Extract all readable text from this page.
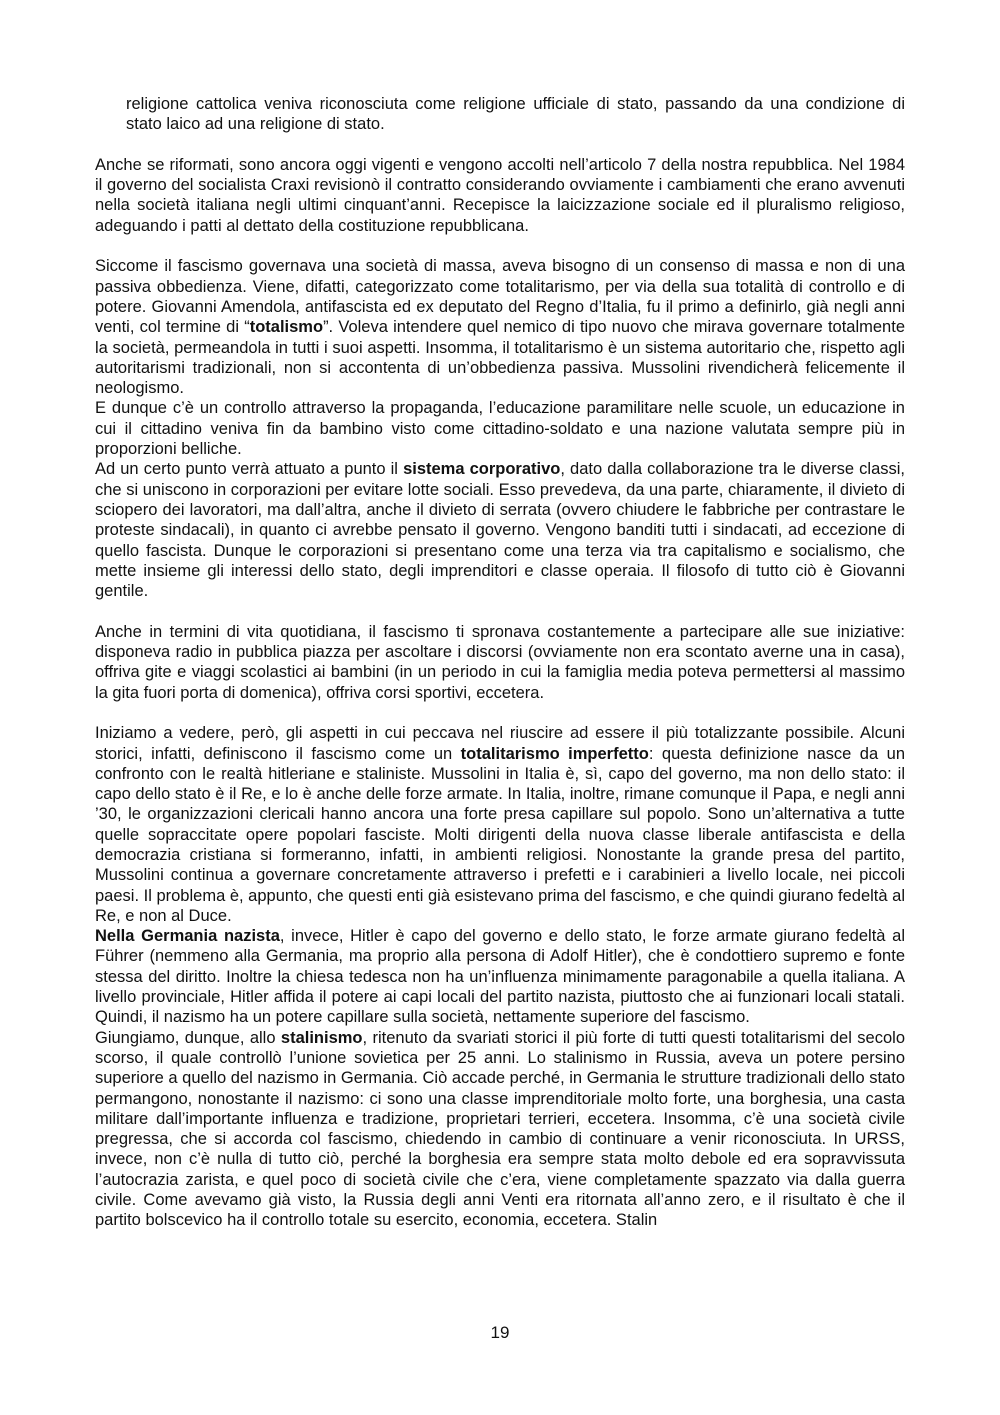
religione cattolica veniva riconosciuta come religione ufficiale di stato, passando da una condizione di stato laico ad una religione di stato.

Anche se riformati, sono ancora oggi vigenti e vengono accolti nell’articolo 7 della nostra repubblica. Nel 1984 il governo del socialista Craxi revisionò il contratto considerando ovviamente i cambiamenti che erano avvenuti nella società italiana negli ultimi cinquant’anni. Recepisce la laicizzazione sociale ed il pluralismo religioso, adeguando i patti al dettato della costituzione repubblicana.

Siccome il fascismo governava una società di massa, aveva bisogno di un consenso di massa e non di una passiva obbedienza. Viene, difatti, categorizzato come totalitarismo, per via della sua totalità di controllo e di potere. Giovanni Amendola, antifascista ed ex deputato del Regno d’Italia, fu il primo a definirlo, già negli anni venti, col termine di “totalismo”. Voleva intendere quel nemico di tipo nuovo che mirava governare totalmente la società, permeandola in tutti i suoi aspetti. Insomma, il totalitarismo è un sistema autoritario che, rispetto agli autoritarismi tradizionali, non si accontenta di un’obbedienza passiva. Mussolini rivendicherà felicemente il neologismo.

E dunque c’è un controllo attraverso la propaganda, l’educazione paramilitare nelle scuole, un educazione in cui il cittadino veniva fin da bambino visto come cittadino-soldato e una nazione valutata sempre più in proporzioni belliche.

Ad un certo punto verrà attuato a punto il sistema corporativo, dato dalla collaborazione tra le diverse classi, che si uniscono in corporazioni per evitare lotte sociali. Esso prevedeva, da una parte, chiaramente, il divieto di sciopero dei lavoratori, ma dall’altra, anche il divieto di serrata (ovvero chiudere le fabbriche per contrastare le proteste sindacali), in quanto ci avrebbe pensato il governo. Vengono banditi tutti i sindacati, ad eccezione di quello fascista. Dunque le corporazioni si presentano come una terza via tra capitalismo e socialismo, che mette insieme gli interessi dello stato, degli imprenditori e classe operaia. Il filosofo di tutto ciò è Giovanni gentile.

Anche in termini di vita quotidiana, il fascismo ti spronava costantemente a partecipare alle sue iniziative: disponeva radio in pubblica piazza per ascoltare i discorsi (ovviamente non era scontato averne una in casa), offriva gite e viaggi scolastici ai bambini (in un periodo in cui la famiglia media poteva permettersi al massimo la gita fuori porta di domenica), offriva corsi sportivi, eccetera.

Iniziamo a vedere, però, gli aspetti in cui peccava nel riuscire ad essere il più totalizzante possibile. Alcuni storici, infatti, definiscono il fascismo come un totalitarismo imperfetto: questa definizione nasce da un confronto con le realtà hitleriane e staliniste. Mussolini in Italia è, sì, capo del governo, ma non dello stato: il capo dello stato è il Re, e lo è anche delle forze armate. In Italia, inoltre, rimane comunque il Papa, e negli anni ’30, le organizzazioni clericali hanno ancora una forte presa capillare sul popolo. Sono un’alternativa a tutte quelle sopraccitate opere popolari fasciste. Molti dirigenti della nuova classe liberale antifascista e della democrazia cristiana si formeranno, infatti, in ambienti religiosi. Nonostante la grande presa del partito, Mussolini continua a governare concretamente attraverso i prefetti e i carabinieri a livello locale, nei piccoli paesi. Il problema è, appunto, che questi enti già esistevano prima del fascismo, e che quindi giurano fedeltà al Re, e non al Duce.

Nella Germania nazista, invece, Hitler è capo del governo e dello stato, le forze armate giurano fedeltà al Führer (nemmeno alla Germania, ma proprio alla persona di Adolf Hitler), che è condottiero supremo e fonte stessa del diritto. Inoltre la chiesa tedesca non ha un’influenza minimamente paragonabile a quella italiana. A livello provinciale, Hitler affida il potere ai capi locali del partito nazista, piuttosto che ai funzionari locali statali. Quindi, il nazismo ha un potere capillare sulla società, nettamente superiore del fascismo.

Giungiamo, dunque, allo stalinismo, ritenuto da svariati storici il più forte di tutti questi totalitarismi del secolo scorso, il quale controllò l’unione sovietica per 25 anni. Lo stalinismo in Russia, aveva un potere persino superiore a quello del nazismo in Germania. Ciò accade perché, in Germania le strutture tradizionali dello stato permangono, nonostante il nazismo: ci sono una classe imprenditoriale molto forte, una borghesia, una casta militare dall’importante influenza e tradizione, proprietari terrieri, eccetera. Insomma, c’è una società civile pregressa, che si accorda col fascismo, chiedendo in cambio di continuare a venir riconosciuta. In URSS, invece, non c’è nulla di tutto ciò, perché la borghesia era sempre stata molto debole ed era sopravvissuta l’autocrazia zarista, e quel poco di società civile che c’era, viene completamente spazzato via dalla guerra civile. Come avevamo già visto, la Russia degli anni Venti era ritornata all’anno zero, e il risultato è che il partito bolscevico ha il controllo totale su esercito, economia, eccetera. Stalin

19
